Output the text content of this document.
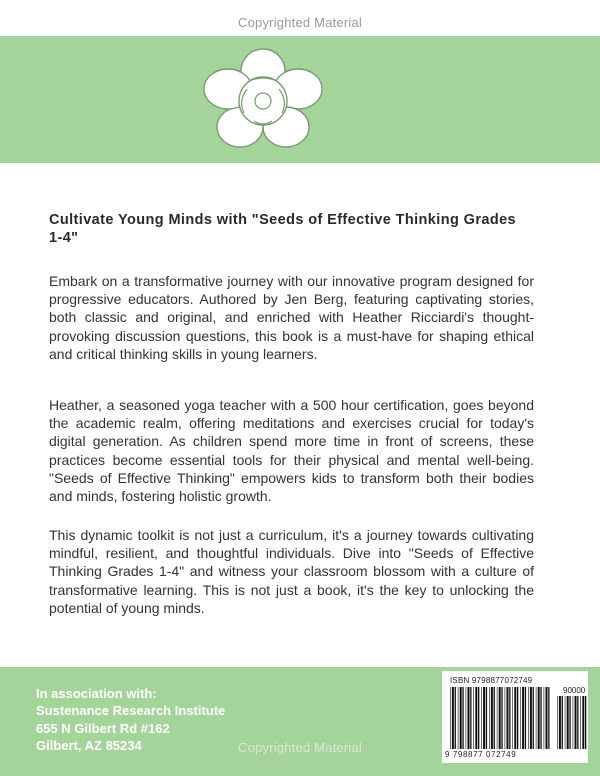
Copyrighted Material
Cultivate Young Minds with "Seeds of Effective Thinking Grades 1-4"
Embark on a transformative journey with our innovative program designed for progressive educators. Authored by Jen Berg, featuring captivating stories, both classic and original, and enriched with Heather Ricciardi's thought-provoking discussion questions, this book is a must-have for shaping ethical and critical thinking skills in young learners.
Heather, a seasoned yoga teacher with a 500 hour certification, goes beyond the academic realm, offering meditations and exercises crucial for today's digital generation. As children spend more time in front of screens, these practices become essential tools for their physical and mental well-being. "Seeds of Effective Thinking" empowers kids to transform both their bodies and minds, fostering holistic growth.
This dynamic toolkit is not just a curriculum, it's a journey towards cultivating mindful, resilient, and thoughtful individuals. Dive into "Seeds of Effective Thinking Grades 1-4" and witness your classroom blossom with a culture of transformative learning. This is not just a book, it's the key to unlocking the potential of young minds.
In association with:
Sustenance Research Institute
655 N Gilbert Rd #162
Gilbert, AZ 85234
ISBN 9798877072749
90000
9 798877 072749
Copyrighted Material
